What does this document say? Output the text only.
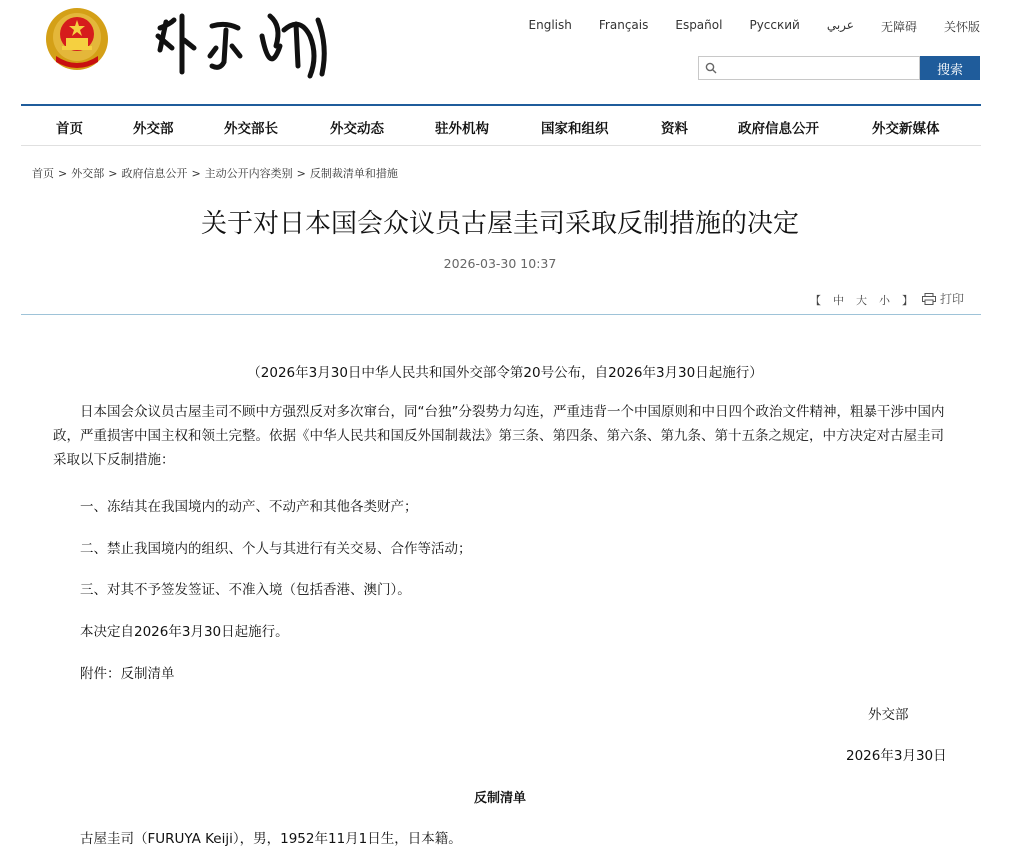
English Français Español Русский عربي 无障碍 关怀版
搜索
首页	外交部	外交部长	外交动态	驻外机构	国家和组织	资料	政府信息公开	外交新媒体
首页 > 外交部 > 政府信息公开 > 主动公开内容类别 > 反制裁清单和措施
关于对日本国会众议员古屋圭司采取反制措施的决定
2026-03-30 10:37
【 中 大 小 】	打印
（2026年3月30日中华人民共和国外交部令第20号公布，自2026年3月30日起施行）
日本国会众议员古屋圭司不顾中方强烈反对多次窜台，同“台独”分裂势力勾连，严重违背一个中国原则和中日四个政治文件精神，粗暴干涉中国内政，严重损害中国主权和领土完整。依据《中华人民共和国反外国制裁法》第三条、第四条、第六条、第九条、第十五条之规定，中方决定对古屋圭司采取以下反制措施：
一、冻结其在我国境内的动产、不动产和其他各类财产；
二、禁止我国境内的组织、个人与其进行有关交易、合作等活动；
三、对其不予签发签证、不准入境（包括香港、澳门）。
本决定自2026年3月30日起施行。
附件：反制清单
外交部
2026年3月30日
反制清单
古屋圭司（FURUYA Keiji），男，1952年11月1日生，日本籍。
